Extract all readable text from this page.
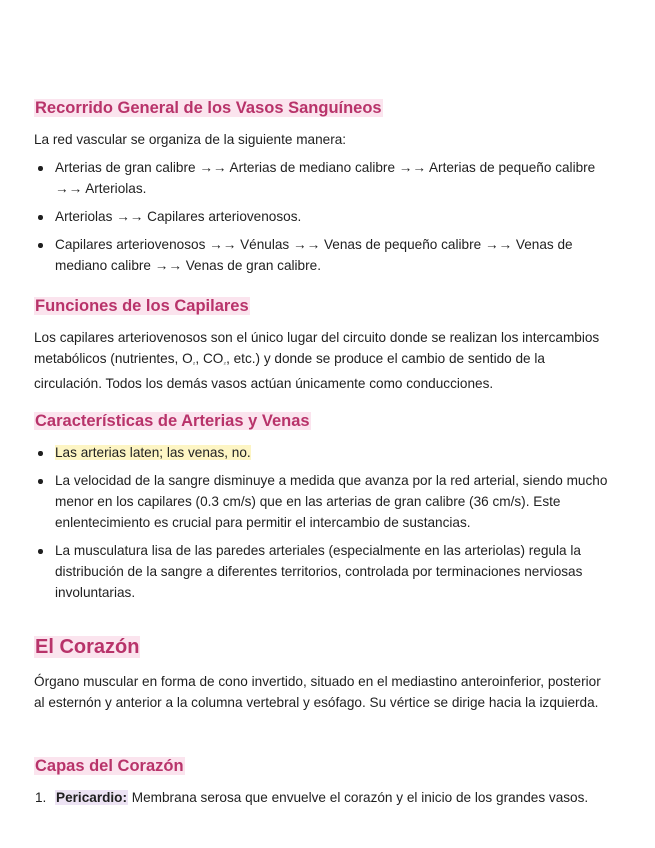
Recorrido General de los Vasos Sanguíneos

La red vascular se organiza de la siguiente manera:

Arterias de gran calibre →→ Arterias de mediano calibre →→ Arterias de pequeño calibre →→ Arteriolas.
Arteriolas →→ Capilares arteriovenosos.
Capilares arteriovenosos →→ Vénulas →→ Venas de pequeño calibre →→ Venas de mediano calibre →→ Venas de gran calibre.
Funciones de los Capilares

Los capilares arteriovenosos son el único lugar del circuito donde se realizan los intercambios metabólicos (nutrientes, $O_{_2}$, $CO_{_2}$, etc.) y donde se produce el cambio de sentido de la circulación. Todos los demás vasos actúan únicamente como conducciones.

Características de Arterias y Venas
Las arterias laten; las venas, no.
La velocidad de la sangre disminuye a medida que avanza por la red arterial, siendo mucho menor en los capilares (0.3 cm/s) que en las arterias de gran calibre (36 cm/s). Este enlentecimiento es crucial para permitir el intercambio de sustancias.
La musculatura lisa de las paredes arteriales (especialmente en las arteriolas) regula la distribución de la sangre a diferentes territorios, controlada por terminaciones nerviosas involuntarias.
El Corazón

Órgano muscular en forma de cono invertido, situado en el mediastino anteroinferior, posterior al esternón y anterior a la columna vertebral y esófago. Su vértice se dirige hacia la izquierda.

Capas del Corazón
1. Pericardio: Membrana serosa que envuelve el corazón y el inicio de los grandes vasos.
